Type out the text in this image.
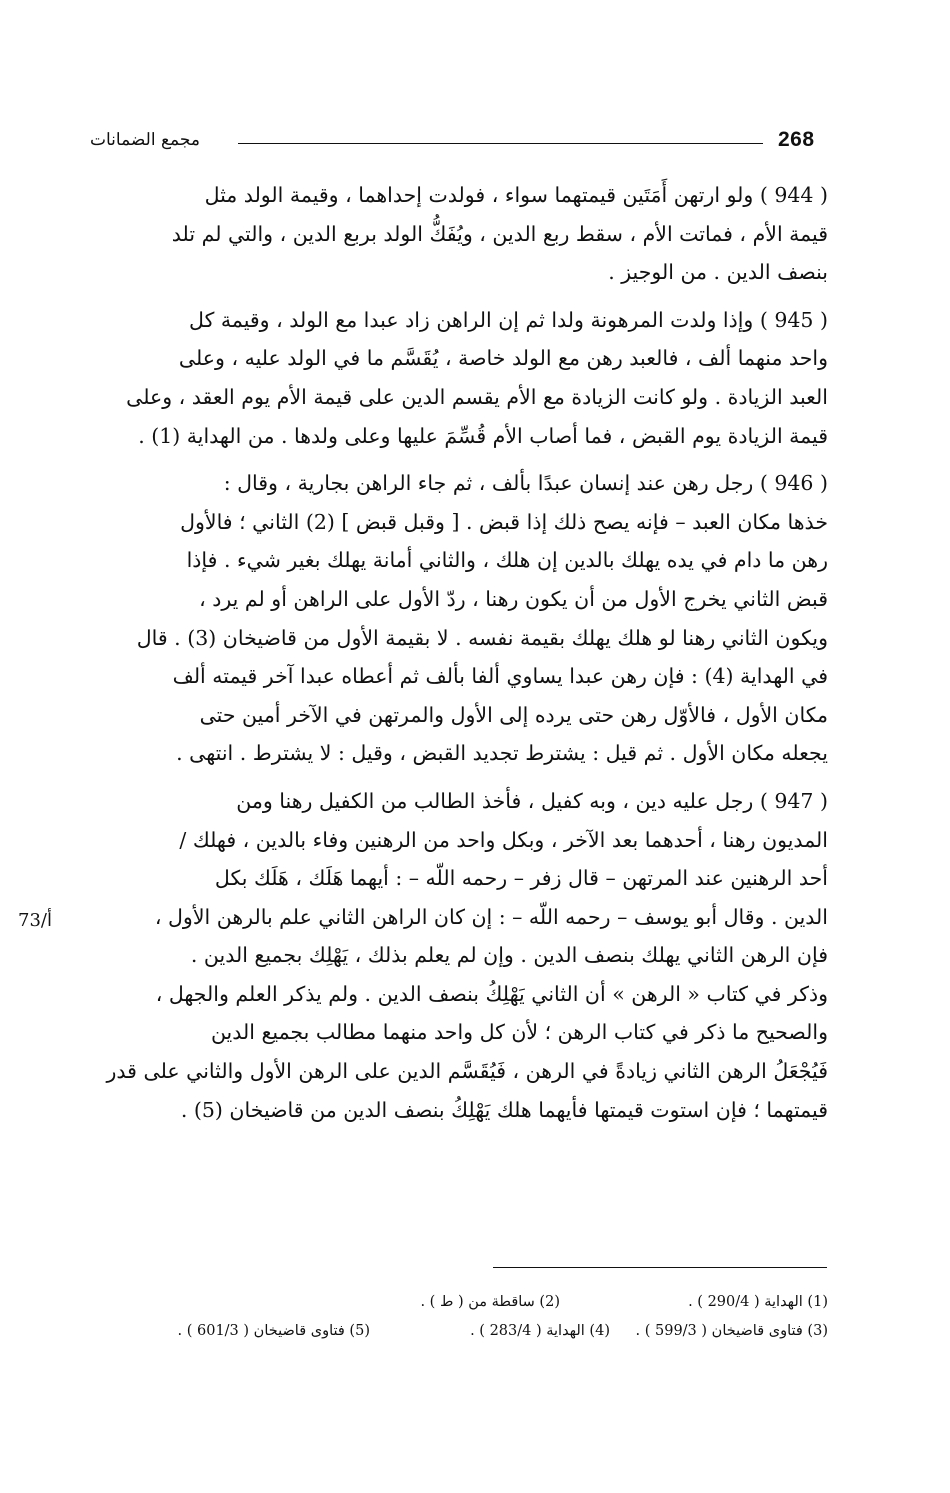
مجمع الضمانات	268
73/أ

( 944 ) ولو ارتهن أَمَتَين قيمتهما سواء ، فولدت إحداهما ، وقيمة الولد مثل

قيمة الأم ، فماتت الأم ، سقط ربع الدين ، ويُفَكُّ الولد بربع الدين ، والتي لم تلد

بنصف الدين . من الوجيز .

( 945 ) وإذا ولدت المرهونة ولدا ثم إن الراهن زاد عبدا مع الولد ، وقيمة كل

واحد منهما ألف ، فالعبد رهن مع الولد خاصة ، يُقَسَّم ما في الولد عليه ، وعلى

العبد الزيادة . ولو كانت الزيادة مع الأم يقسم الدين على قيمة الأم يوم العقد ، وعلى

قيمة الزيادة يوم القبض ، فما أصاب الأم قُسِّمَ عليها وعلى ولدها . من الهداية (1) .

( 946 ) رجل رهن عند إنسان عبدًا بألف ، ثم جاء الراهن بجارية ، وقال :

خذها مكان العبد – فإنه يصح ذلك إذا قبض . [ وقبل قبض ] (2) الثاني ؛ فالأول

رهن ما دام في يده يهلك بالدين إن هلك ، والثاني أمانة يهلك بغير شيء . فإذا

قبض الثاني يخرج الأول من أن يكون رهنا ، ردّ الأول على الراهن أو لم يرد ،

ويكون الثاني رهنا لو هلك يهلك بقيمة نفسه . لا بقيمة الأول من قاضيخان (3) . قال

في الهداية (4) : فإن رهن عبدا يساوي ألفا بألف ثم أعطاه عبدا آخر قيمته ألف

مكان الأول ، فالأوّل رهن حتى يرده إلى الأول والمرتهن في الآخر أمين حتى

يجعله مكان الأول . ثم قيل : يشترط تجديد القبض ، وقيل : لا يشترط . انتهى .

( 947 ) رجل عليه دين ، وبه كفيل ، فأخذ الطالب من الكفيل رهنا ومن

المديون رهنا ، أحدهما بعد الآخر ، وبكل واحد من الرهنين وفاء بالدين ، فهلك /

أحد الرهنين عند المرتهن – قال زفر – رحمه اللّه – : أيهما هَلَك ، هَلَك بكل

الدين . وقال أبو يوسف – رحمه اللّه – : إن كان الراهن الثاني علم بالرهن الأول ،

فإن الرهن الثاني يهلك بنصف الدين . وإن لم يعلم بذلك ، يَهْلِك بجميع الدين .

وذكر في كتاب « الرهن » أن الثاني يَهْلِكُ بنصف الدين . ولم يذكر العلم والجهل ،

والصحيح ما ذكر في كتاب الرهن ؛ لأن كل واحد منهما مطالب بجميع الدين

فَيُجْعَلُ الرهن الثاني زيادةً في الرهن ، فَيُقَسَّم الدين على الرهن الأول والثاني على قدر

قيمتهما ؛ فإن استوت قيمتها فأيهما هلك يَهْلِكُ بنصف الدين من قاضيخان (5) .

(1) الهداية ( 290/4 ) .
(2) ساقطة من ( ط ) .
(3) فتاوى قاضيخان ( 599/3 ) .
(4) الهداية ( 283/4 ) .
(5) فتاوى قاضيخان ( 601/3 ) .
